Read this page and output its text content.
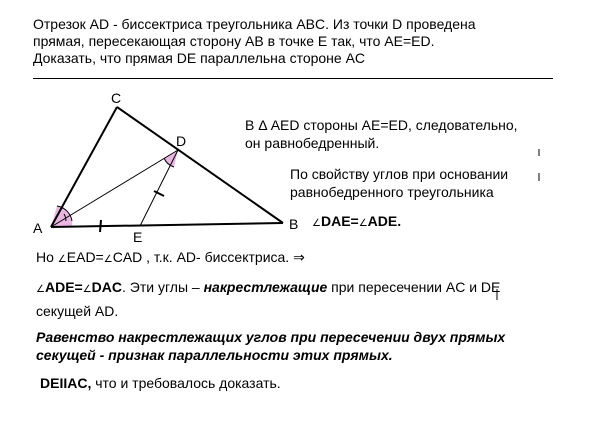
Отрезок AD - биссектриса треугольника ABC. Из точки D проведена
прямая, пересекающая сторону AB в точке E так, что AE=ED.
Доказать, что прямая DE параллельна стороне AC
C
D
A
E
B
В Δ AED стороны AE=ED, следовательно,
он равнобедренный.
По свойству углов при основании
равнобедренного треугольника
∠DAE=∠ADE.
Но ∠EAD=∠CAD , т.к. AD- биссектриса. ⇒
∠ADE=∠DAC. Эти углы – накрестлежащие при пересечении AC и DE
секущей AD.
Равенство накрестлежащих углов при пересечении двух прямых
секущей - признак параллельности этих прямых.
DEIIAC, что и требовалось доказать.
